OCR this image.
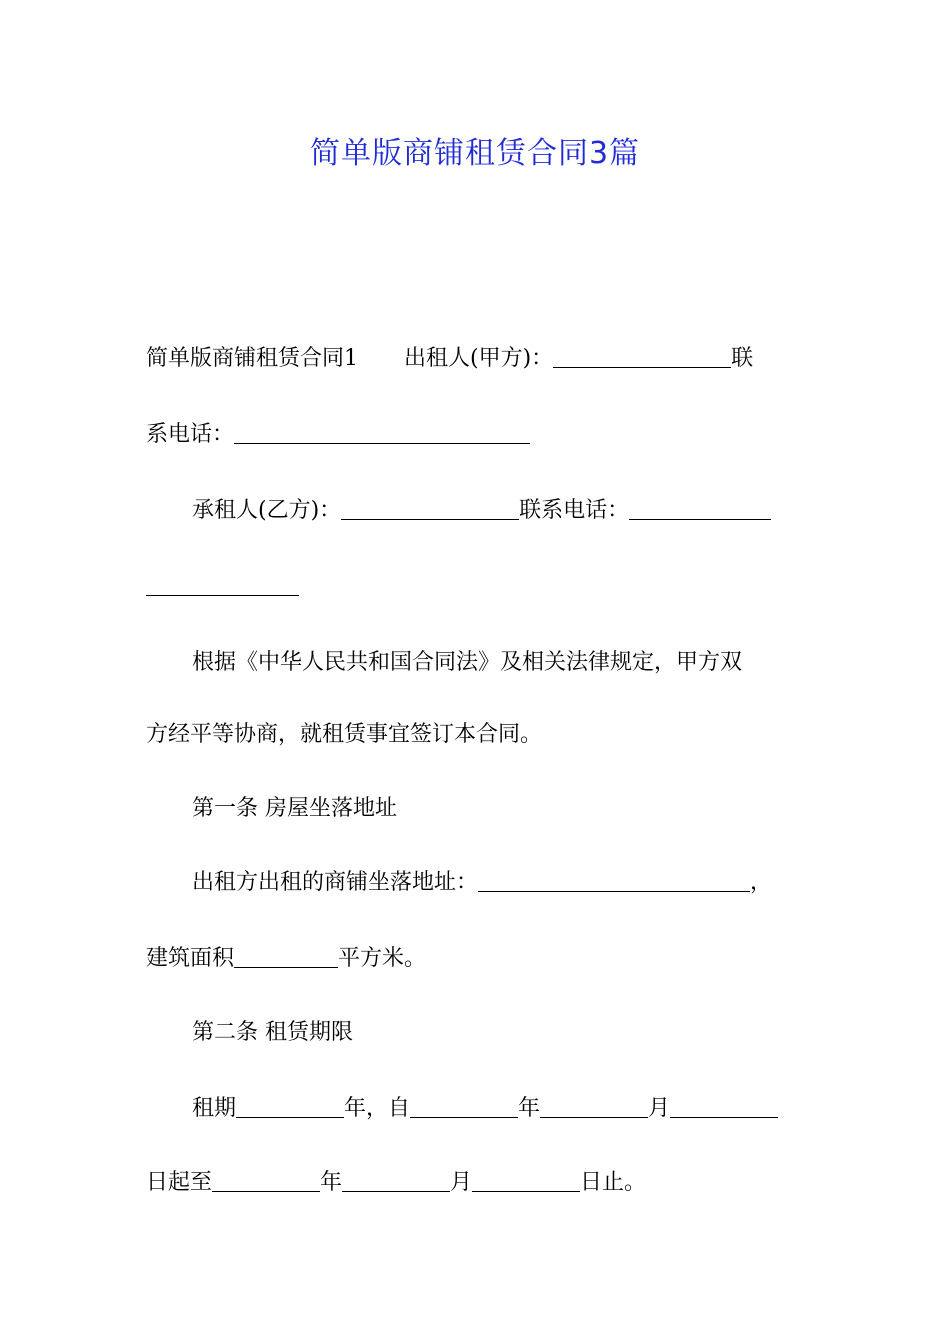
简单版商铺租赁合同3篇
简单版商铺租赁合同1 出租人(甲方)：	联
系电话：
承租人(乙方)：	联系电话：
根据《中华人民共和国合同法》及相关法律规定，甲方双
方经平等协商，就租赁事宜签订本合同。
第一条 房屋坐落地址
出租方出租的商铺坐落地址：	，
建筑面积	平方米。
第二条 租赁期限
租期	年，自	年	月
日起至	年	月	日止。
